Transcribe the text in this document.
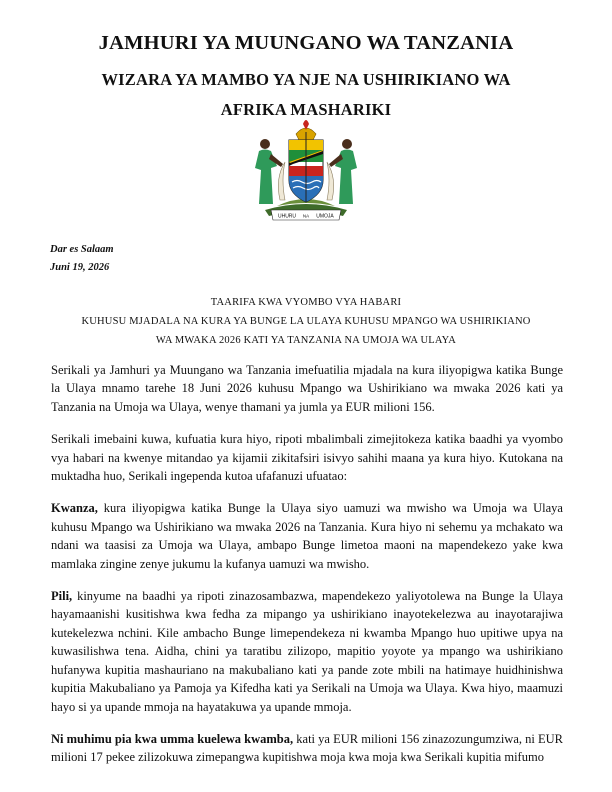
JAMHURI YA MUUNGANO WA TANZANIA
WIZARA YA MAMBO YA NJE NA USHIRIKIANO WA AFRIKA MASHARIKI
UHURU NA UMOJA
Dar es Salaam
Juni 19, 2026
TAARIFA KWA VYOMBO VYA HABARI
KUHUSU MJADALA NA KURA YA BUNGE LA ULAYA KUHUSU MPANGO WA USHIRIKIANO
WA MWAKA 2026 KATI YA TANZANIA NA UMOJA WA ULAYA

Serikali ya Jamhuri ya Muungano wa Tanzania imefuatilia mjadala na kura iliyopigwa katika Bunge la Ulaya mnamo tarehe 18 Juni 2026 kuhusu Mpango wa Ushirikiano wa mwaka 2026 kati ya Tanzania na Umoja wa Ulaya, wenye thamani ya jumla ya EUR milioni 156.

Serikali imebaini kuwa, kufuatia kura hiyo, ripoti mbalimbali zimejitokeza katika baadhi ya vyombo vya habari na kwenye mitandao ya kijamii zikitafsiri isivyo sahihi maana ya kura hiyo. Kutokana na muktadha huo, Serikali ingependa kutoa ufafanuzi ufuatao:

Kwanza, kura iliyopigwa katika Bunge la Ulaya siyo uamuzi wa mwisho wa Umoja wa Ulaya kuhusu Mpango wa Ushirikiano wa mwaka 2026 na Tanzania. Kura hiyo ni sehemu ya mchakato wa ndani wa taasisi za Umoja wa Ulaya, ambapo Bunge limetoa maoni na mapendekezo yake kwa mamlaka zingine zenye jukumu la kufanya uamuzi wa mwisho.

Pili, kinyume na baadhi ya ripoti zinazosambazwa, mapendekezo yaliyotolewa na Bunge la Ulaya hayamaanishi kusitishwa kwa fedha za mipango ya ushirikiano inayotekelezwa au inayotarajiwa kutekelezwa nchini. Kile ambacho Bunge limependekeza ni kwamba Mpango huo upitiwe upya na kuwasilishwa tena. Aidha, chini ya taratibu zilizopo, mapitio yoyote ya mpango wa ushirikiano hufanywa kupitia mashauriano na makubaliano kati ya pande zote mbili na hatimaye huidhinishwa kupitia Makubaliano ya Pamoja ya Kifedha kati ya Serikali na Umoja wa Ulaya. Kwa hiyo, maamuzi hayo si ya upande mmoja na hayatakuwa ya upande mmoja.

Ni muhimu pia kwa umma kuelewa kwamba, kati ya EUR milioni 156 zinazozungumziwa, ni EUR milioni 17 pekee zilizokuwa zimepangwa kupitishwa moja kwa moja kwa Serikali kupitia mifumo
